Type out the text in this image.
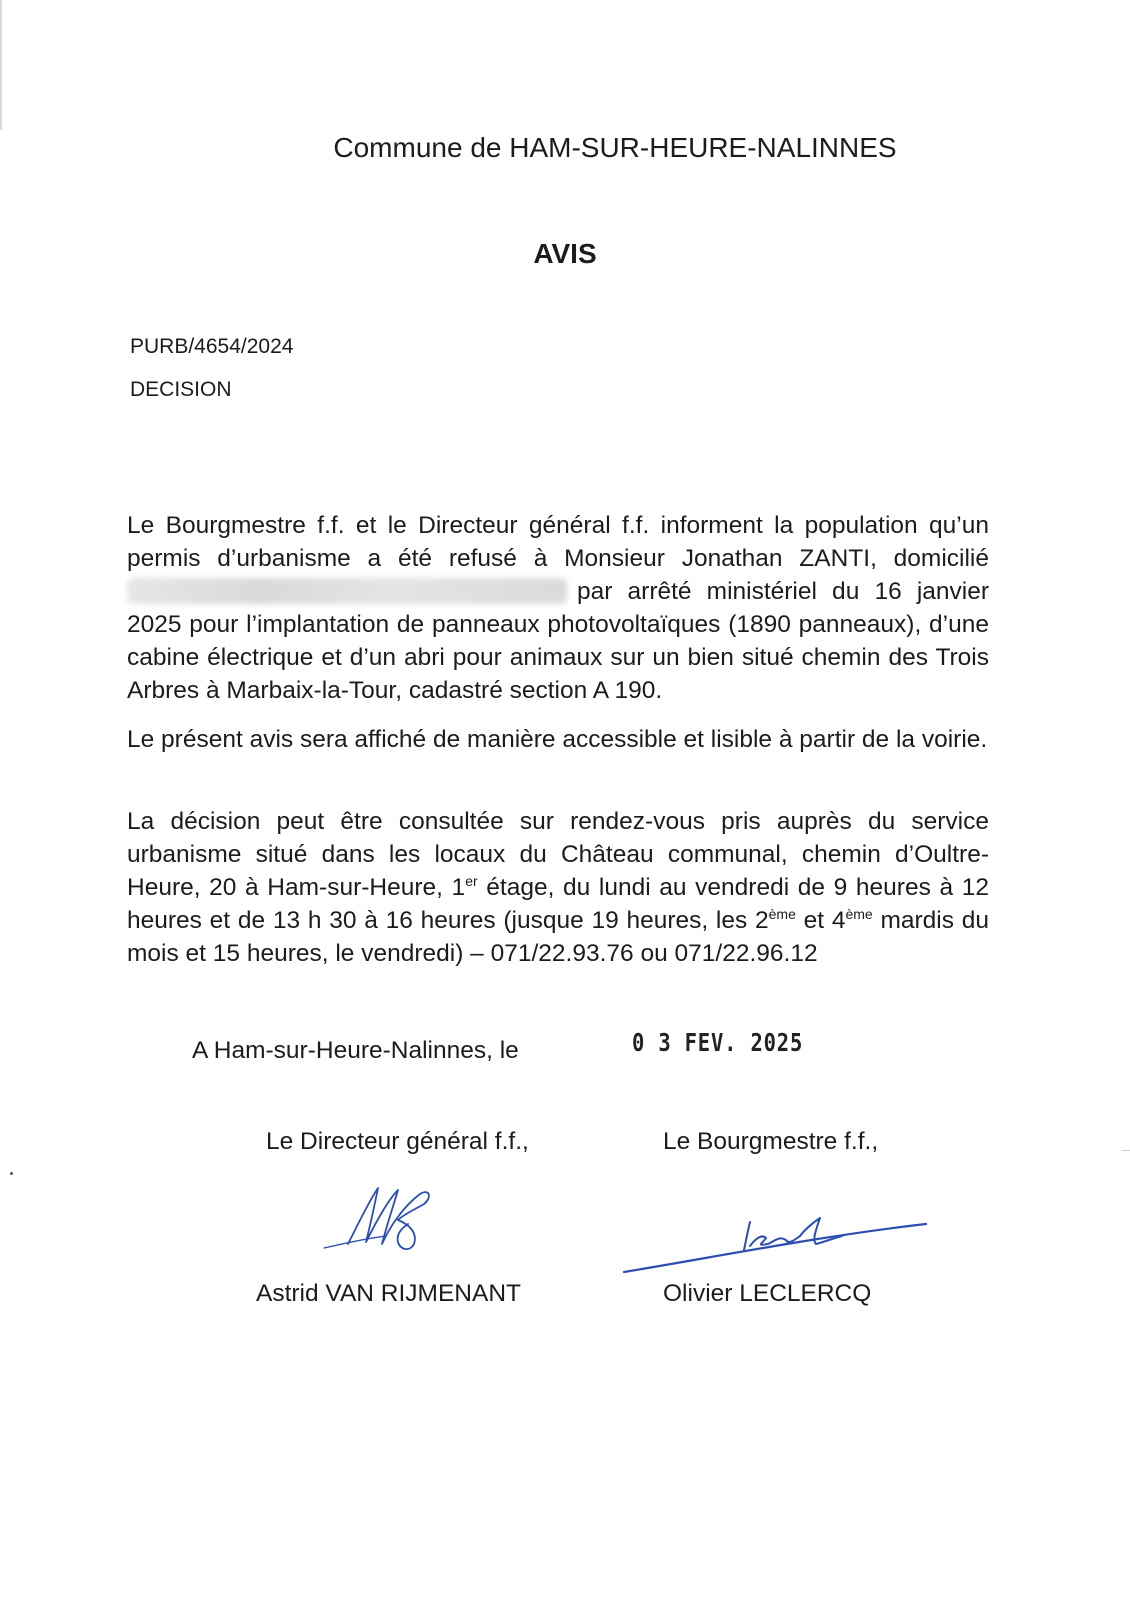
Commune de HAM-SUR-HEURE-NALINNES
AVIS
PURB/4654/2024
DECISION
Le Bourgmestre f.f. et le Directeur général f.f. informent la population qu’un permis d’urbanisme a été refusé à Monsieur Jonathan ZANTI, domicilié par arrêté ministériel du 16 janvier 2025 pour l’implantation de panneaux photovoltaïques (1890 panneaux), d’une cabine électrique et d’un abri pour animaux sur un bien situé chemin des Trois Arbres à Marbaix-la-Tour, cadastré section A 190.
Le présent avis sera affiché de manière accessible et lisible à partir de la voirie.
La décision peut être consultée sur rendez-vous pris auprès du service urbanisme situé dans les locaux du Château communal, chemin d’Oultre-Heure, 20 à Ham-sur-Heure, 1er étage, du lundi au vendredi de 9 heures à 12 heures et de 13 h 30 à 16 heures (jusque 19 heures, les 2ème et 4ème mardis du mois et 15 heures, le vendredi) – 071/22.93.76 ou 071/22.96.12
A Ham-sur-Heure-Nalinnes, le	0 3 FEV. 2025
Le Directeur général f.f.,	Le Bourgmestre f.f.,
Astrid VAN RIJMENANT	Olivier LECLERCQ
